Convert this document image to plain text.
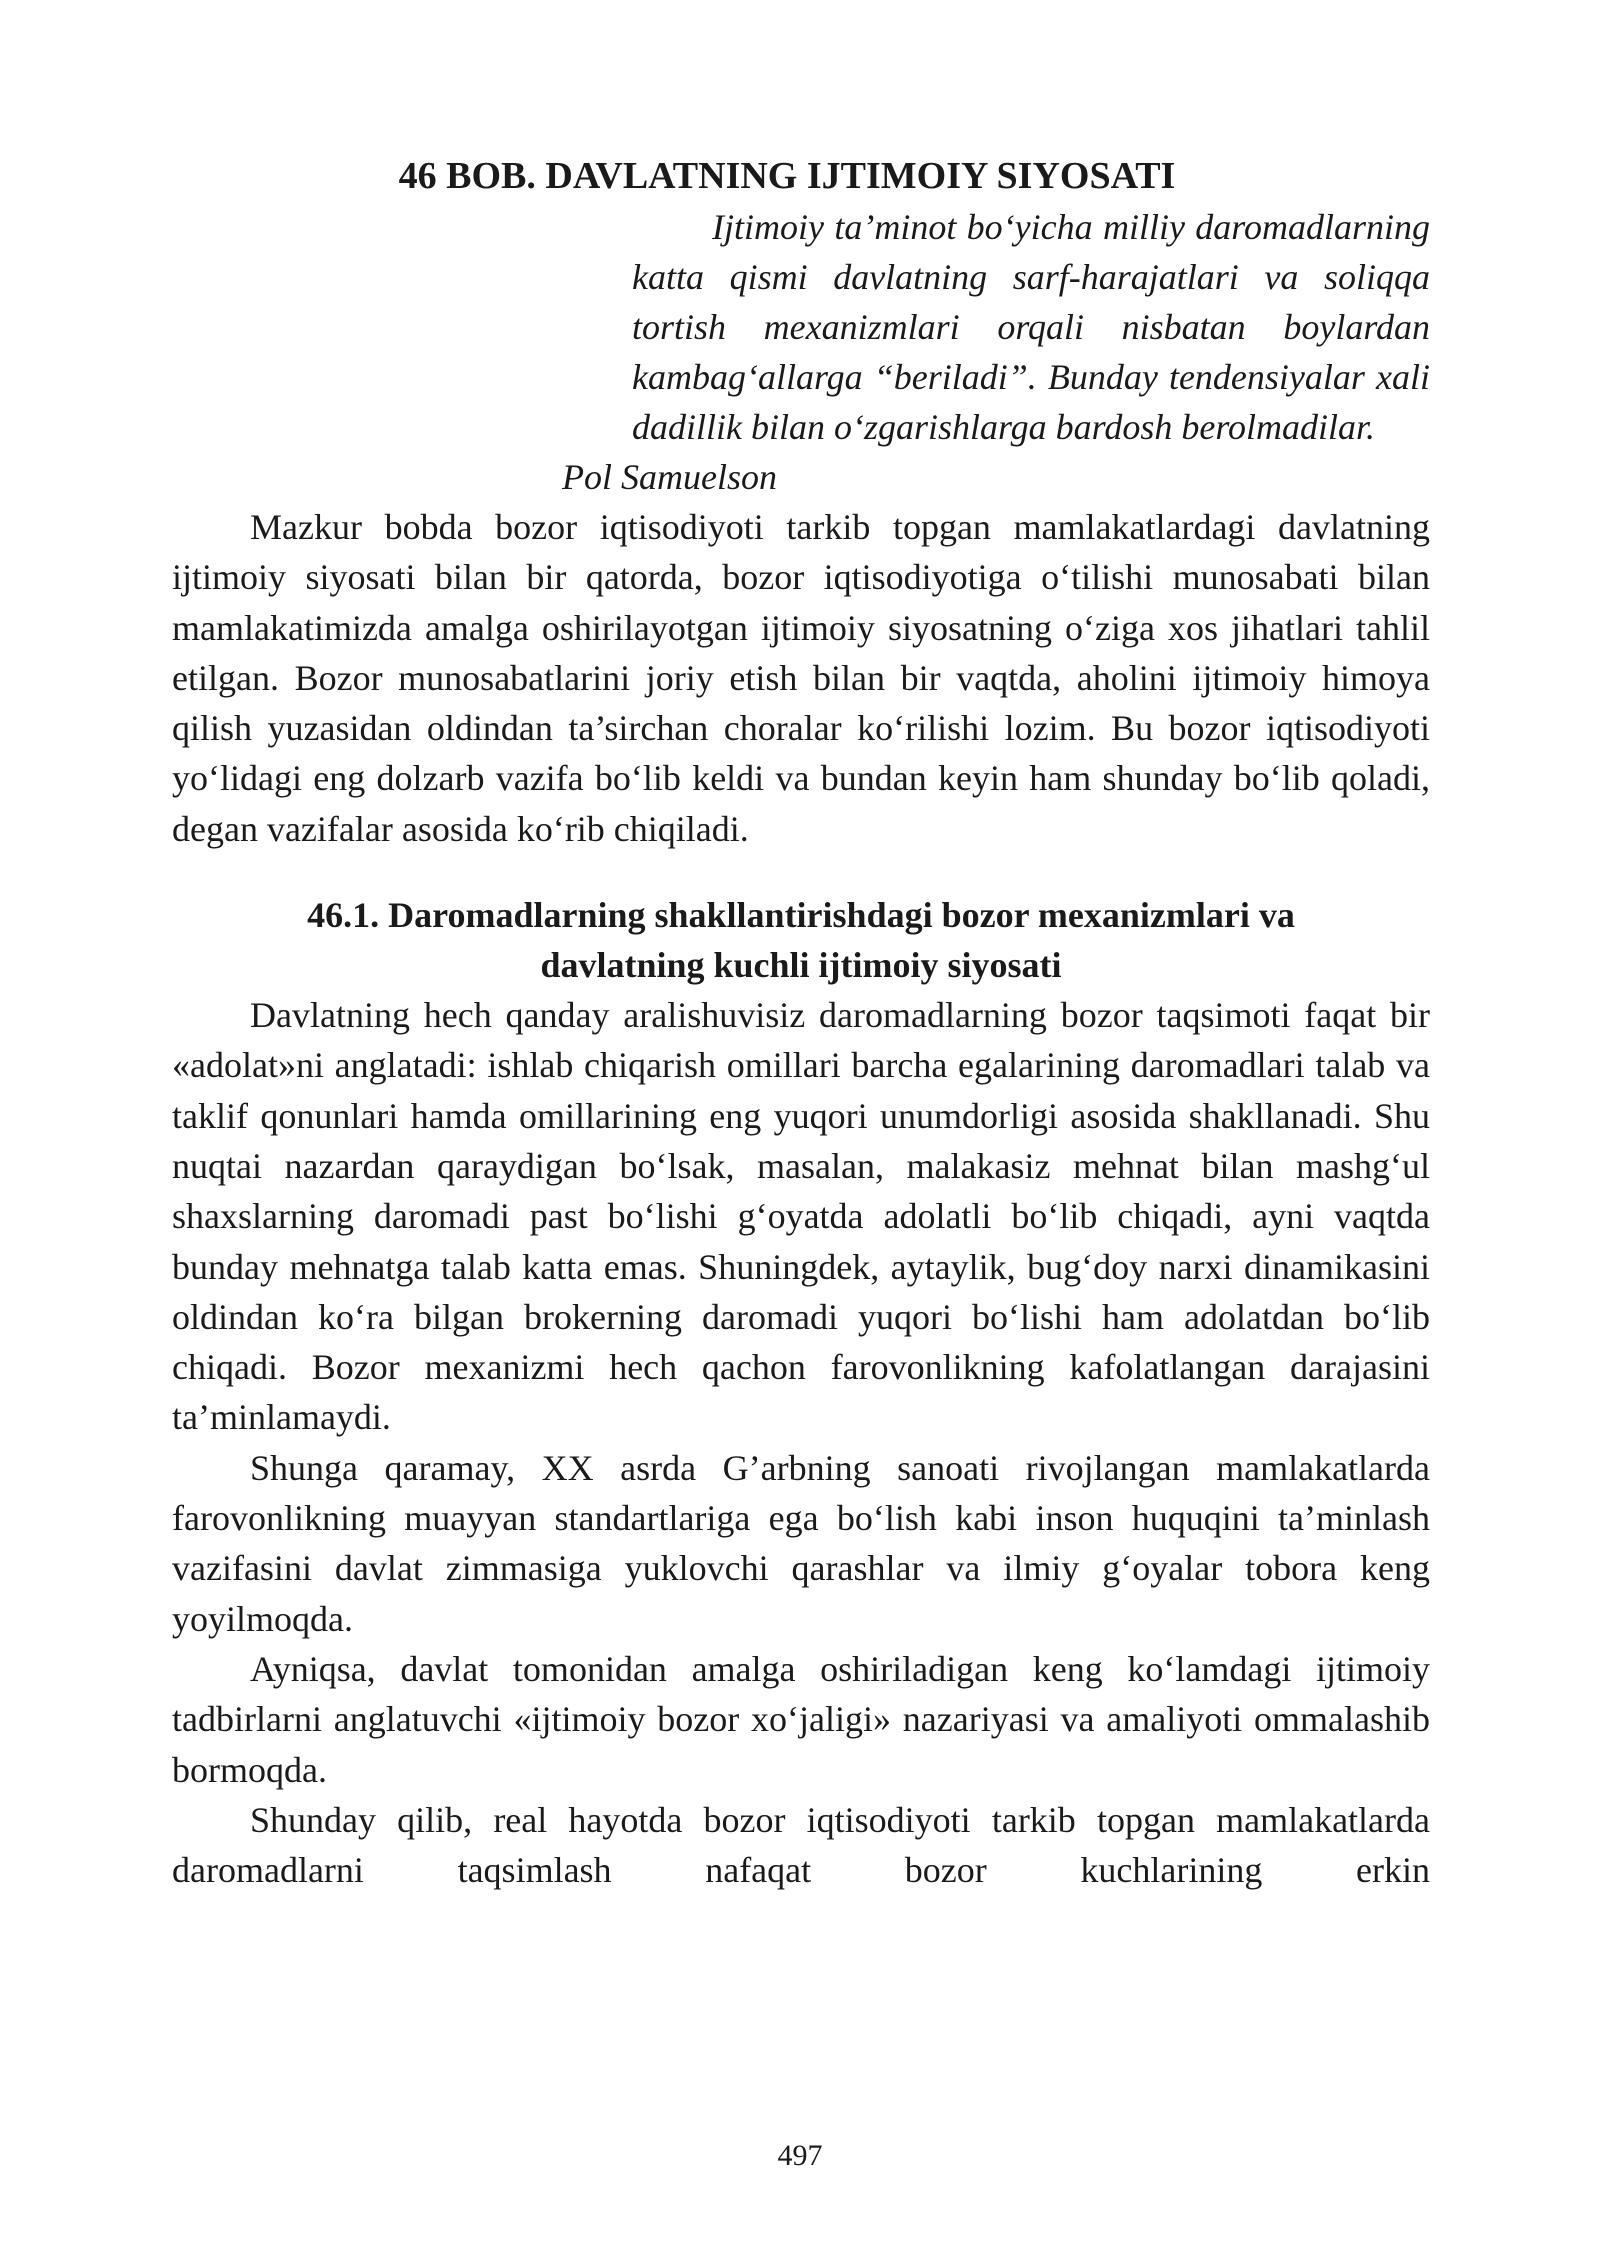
46 BOB. DAVLATNING IJTIMOIY SIYOSATI

Ijtimoiy ta’minot bo‘yicha milliy daromadlarning katta qismi davlatning sarf-harajatlari va soliqqa tortish mexanizmlari orqali nisbatan boylardan kambag‘allarga “beriladi”. Bunday tendensiyalar xali dadillik bilan o‘zgarishlarga bardosh berolmadilar.

Pol Samuelson

Mazkur bobda bozor iqtisodiyoti tarkib topgan mamlakatlardagi davlatning ijtimoiy siyosati bilan bir qatorda, bozor iqtisodiyotiga o‘tilishi munosabati bilan mamlakatimizda amalga oshirilayotgan ijtimoiy siyosatning o‘ziga xos jihatlari tahlil etilgan. Bozor munosabatlarini joriy etish bilan bir vaqtda, aholini ijtimoiy himoya qilish yuzasidan oldindan ta’sirchan choralar ko‘rilishi lozim. Bu bozor iqtisodiyoti yo‘lidagi eng dolzarb vazifa bo‘lib keldi va bundan keyin ham shunday bo‘lib qoladi, degan vazifalar asosida ko‘rib chiqiladi.

46.1. Daromadlarning shakllantirishdagi bozor mexanizmlari va
davlatning kuchli ijtimoiy siyosati

Davlatning hech qanday aralishuvisiz daromadlarning bozor taqsimoti faqat bir «adolat»ni anglatadi: ishlab chiqarish omillari barcha egalarining daromadlari talab va taklif qonunlari hamda omillarining eng yuqori unumdorligi asosida shakllanadi. Shu nuqtai nazardan qaraydigan bo‘lsak, masalan, malakasiz mehnat bilan mashg‘ul shaxslarning daromadi past bo‘lishi g‘oyatda adolatli bo‘lib chiqadi, ayni vaqtda bunday mehnatga talab katta emas. Shuningdek, aytaylik, bug‘doy narxi dinamikasini oldindan ko‘ra bilgan brokerning daromadi yuqori bo‘lishi ham adolatdan bo‘lib chiqadi. Bozor mexanizmi hech qachon farovonlikning kafolatlangan darajasini ta’minlamaydi.

Shunga qaramay, XX asrda G’arbning sanoati rivojlangan mamlakatlarda farovonlikning muayyan standartlariga ega bo‘lish kabi inson huquqini ta’minlash vazifasini davlat zimmasiga yuklovchi qarashlar va ilmiy g‘oyalar tobora keng yoyilmoqda.

Ayniqsa, davlat tomonidan amalga oshiriladigan keng ko‘lamdagi ijtimoiy tadbirlarni anglatuvchi «ijtimoiy bozor xo‘jaligi» nazariyasi va amaliyoti ommalashib bormoqda.

Shunday qilib, real hayotda bozor iqtisodiyoti tarkib topgan mamlakatlarda daromadlarni taqsimlash nafaqat bozor kuchlarining erkin

497
